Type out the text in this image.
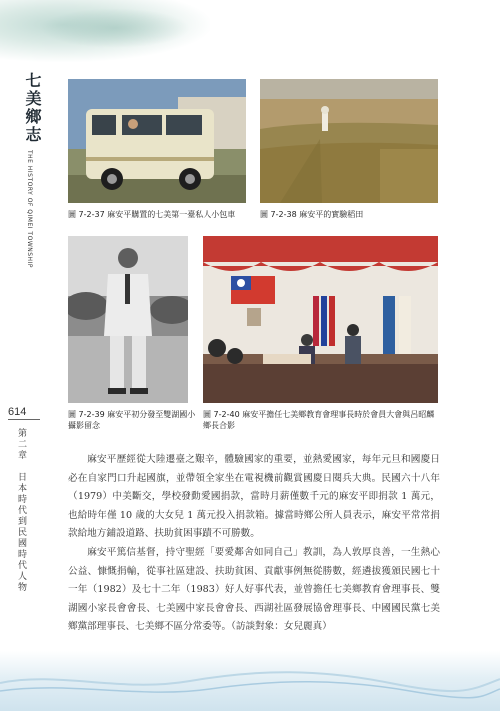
七美鄉志
THE HISTORY OF QIMEI TOWNSHIP
614
第二章　日本時代到民國時代人物
圖 7-2-37 麻安平購置的七美第一臺私人小包車	圖 7-2-38 麻安平的實驗稻田
圖 7-2-39 麻安平初分發至雙湖國小攝影留念
圖 7-2-40 麻安平擔任七美鄉教育會理事長時於會員大會與呂昭麟鄉長合影
麻安平歷經從大陸遷臺之艱辛，體驗國家的重要，並熱愛國家，每年元旦和國慶日必在自家門口升起國旗，並帶領全家坐在電視機前觀賞國慶日閱兵大典。民國六十八年（1979）中美斷交，學校發動愛國捐款，當時月薪僅數千元的麻安平即捐款 1 萬元，也給時年僅 10 歲的大女兒 1 萬元投入捐款箱。據當時鄉公所人員表示，麻安平常常捐款給地方鋪設道路、扶助貧困事蹟不可勝數。
麻安平篤信基督，持守聖經「要愛鄰舍如同自己」教訓，為人敦厚良善，一生熱心公益、慷慨捐輸，從事社區建設、扶助貧困、貢獻事例無從勝數，經遴拔獲頒民國七十一年（1982）及七十二年（1983）好人好事代表，並曾擔任七美鄉教育會理事長、雙湖國小家長會會長、七美國中家長會會長、西湖社區發展協會理事長、中國國民黨七美鄉黨部理事長、七美鄉不區分常委等。（訪談對象：女兒麗真）
